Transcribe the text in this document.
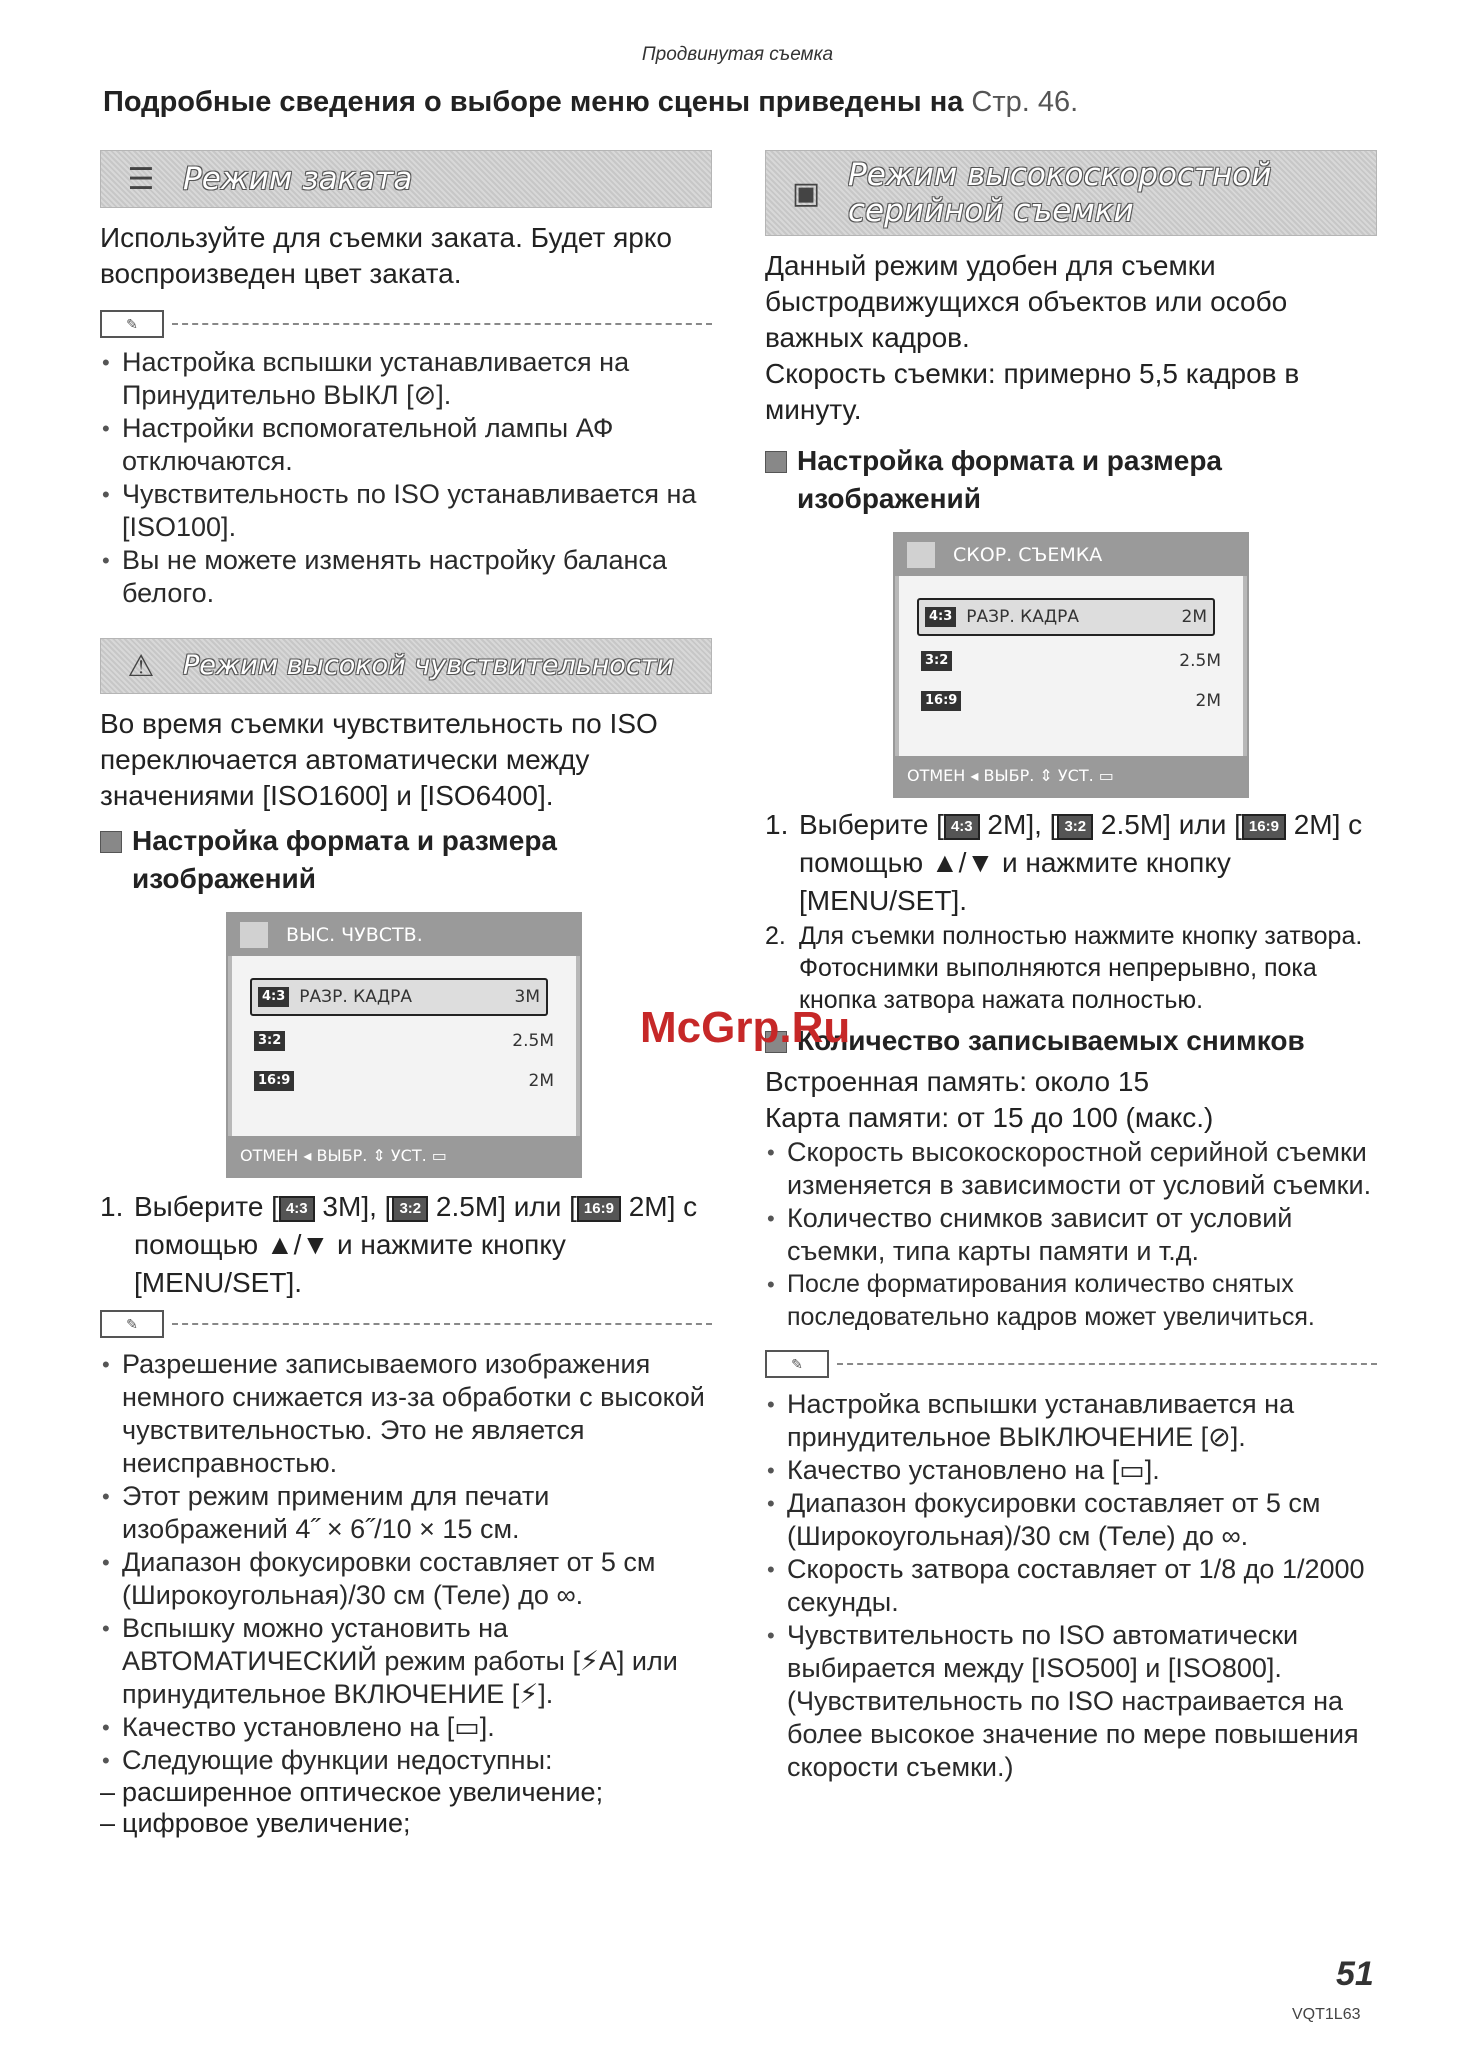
Продвинутая съемка
Подробные сведения о выборе меню сцены приведены на Стр. 46.
☰ Режим заката

Используйте для съемки заката. Будет ярко воспроизведен цвет заката.

✎
• Настройка вспышки устанавливается на Принудительно ВЫКЛ [⊘].
• Настройки вспомогательной лампы АФ отключаются.
• Чувствительность по ISO устанавливается на [ISO100].
• Вы не можете изменять настройку баланса белого.
⚠	Режим высокой чувствительности

Во время съемки чувствительность по ISO переключается автоматически между значениями [ISO1600] и [ISO6400].

Настройка формата и размера изображений
ВЫС. ЧУВСТВ.
4:3 РАЗР. КАДРА	3M
3:2	2.5M
16:9	2M
ОТМЕН ◂ ВЫБР. ⇕ УСТ. ▭
1. Выберите [ 4:3 3M], [ 3:2 2.5M] или [ 16:9 2M] с помощью ▲/▼ и нажмите кнопку [MENU/SET].
✎
• Разрешение записываемого изображения немного снижается из-за обработки с высокой чувствительностью. Это не является неисправностью.
• Этот режим применим для печати изображений 4˝ × 6˝/10 × 15 см.
• Диапазон фокусировки составляет от 5 см (Широкоугольная)/30 см (Теле) до ∞.
• Вспышку можно установить на АВТОМАТИЧЕСКИЙ режим работы [⚡A] или принудительное ВКЛЮЧЕНИЕ [⚡].
• Качество установлено на [▭].
• Следующие функции недоступны:
– расширенное оптическое увеличение;
– цифровое увеличение;
▣ Режим высокоскоростной
серийной съемки

Данный режим удобен для съемки быстродвижущихся объектов или особо важных кадров.

Скорость съемки: примерно 5,5 кадров в минуту.

Настройка формата и размера изображений
СКОР. СЪЕМКА
4:3 РАЗР. КАДРА	2M
3:2	2.5M
16:9	2M
ОТМЕН ◂ ВЫБР. ⇕ УСТ. ▭
1. Выберите [ 4:3 2M], [ 3:2 2.5M] или [ 16:9 2M] с помощью ▲/▼ и нажмите кнопку [MENU/SET].
2. Для съемки полностью нажмите кнопку затвора.
Фотоснимки выполняются непрерывно, пока кнопка затвора нажата полностью.
Количество записываемых снимков

Встроенная память: около 15

Карта памяти: от 15 до 100 (макс.)

• Скорость высокоскоростной серийной съемки изменяется в зависимости от условий съемки.
• Количество снимков зависит от условий съемки, типа карты памяти и т.д.
• После форматирования количество снятых последовательно кадров может увеличиться.
✎
• Настройка вспышки устанавливается на принудительное ВЫКЛЮЧЕНИЕ [⊘].
• Качество установлено на [▭].
• Диапазон фокусировки составляет от 5 см (Широкоугольная)/30 см (Теле) до ∞.
• Скорость затвора составляет от 1/8 до 1/2000 секунды.
• Чувствительность по ISO автоматически выбирается между [ISO500] и [ISO800]. (Чувствительность по ISO настраивается на более высокое значение по мере повышения скорости съемки.)
McGrp.Ru
51
VQT1L63
